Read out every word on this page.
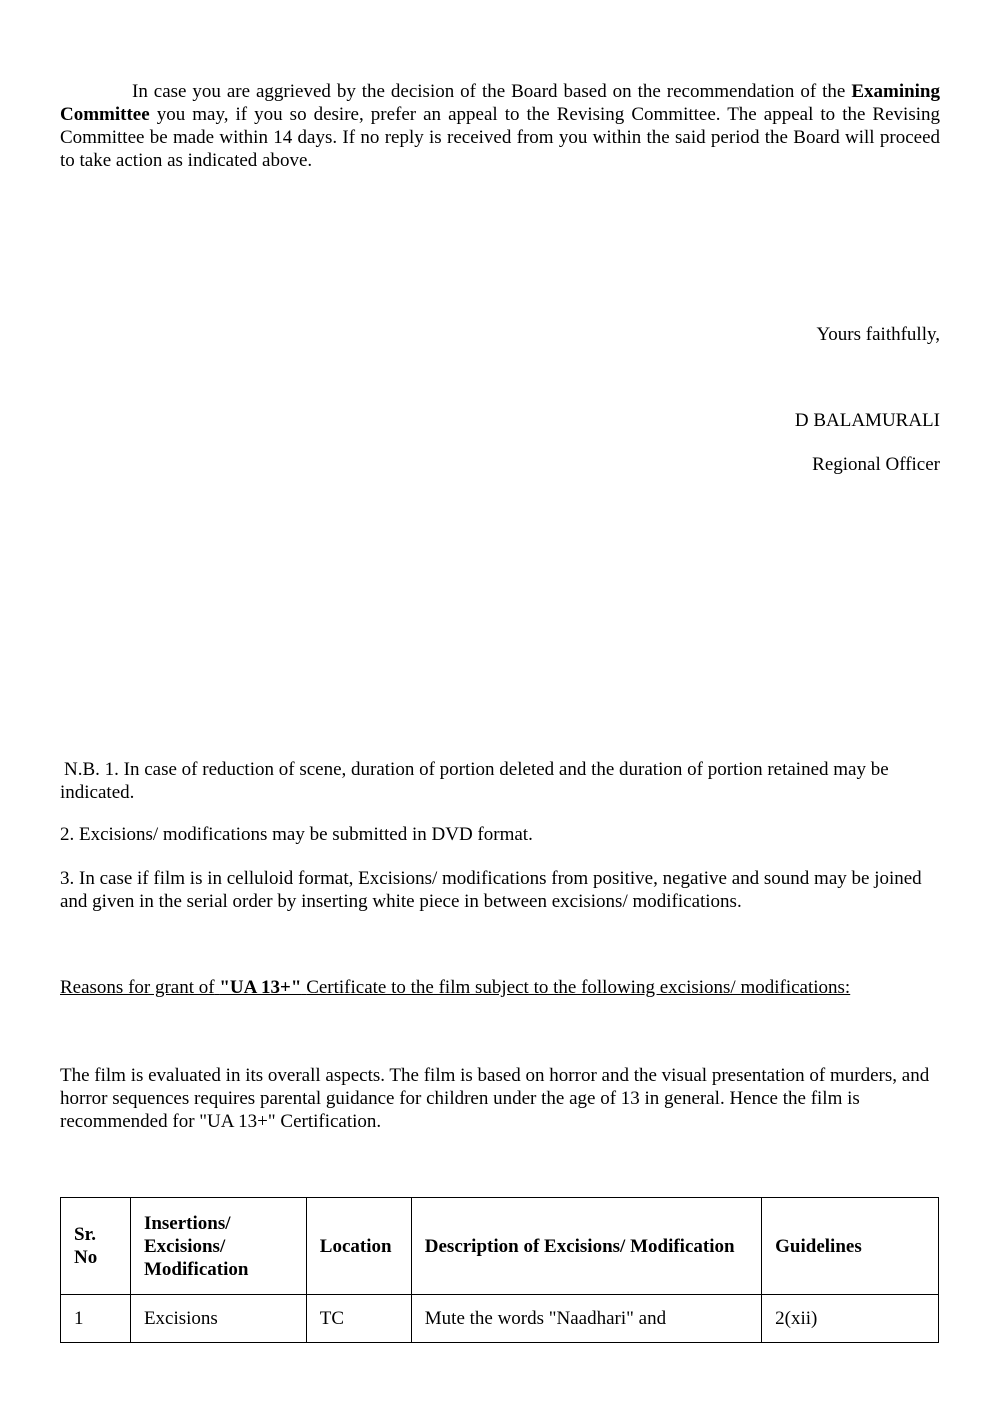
In case you are aggrieved by the decision of the Board based on the recommendation of the Examining Committee you may, if you so desire, prefer an appeal to the Revising Committee. The appeal to the Revising Committee be made within 14 days. If no reply is received from you within the said period the Board will proceed to take action as indicated above.

Yours faithfully,

D BALAMURALI

Regional Officer

N.B. 1. In case of reduction of scene, duration of portion deleted and the duration of portion retained may be indicated.

2. Excisions/ modifications may be submitted in DVD format.

3. In case if film is in celluloid format, Excisions/ modifications from positive, negative and sound may be joined and given in the serial order by inserting white piece in between excisions/ modifications.

Reasons for grant of "UA 13+" Certificate to the film subject to the following excisions/ modifications:

The film is evaluated in its overall aspects. The film is based on horror and the visual presentation of murders, and horror sequences requires parental guidance for children under the age of 13 in general. Hence the film is recommended for "UA 13+" Certification.

Sr. No	Insertions/ Excisions/ Modification	Location	Description of Excisions/ Modification	Guidelines
1	Excisions	TC	Mute the words "Naadhari" and	2(xii)
